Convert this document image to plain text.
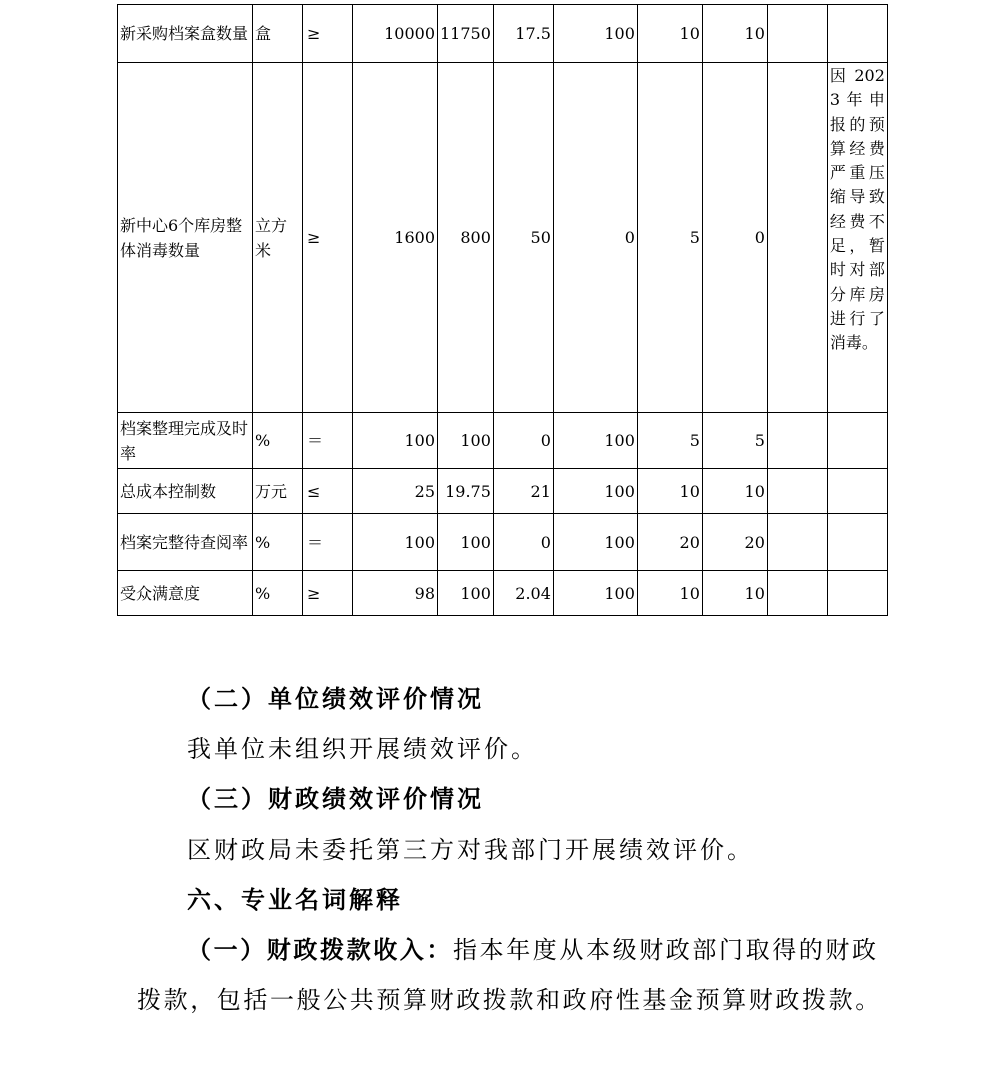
新采购档案盒数量	盒	≥	10000	11750	17.5	100	10	10		
新中心6个库房整体消毒数量	立方米	≥	1600	800	50	0	5	0		因2023年申报的预算经费严重压缩导致经费不足，暂时对部分库房进行了消毒。
档案整理完成及时率	%	＝	100	100	0	100	5	5		
总成本控制数	万元	≤	25	19.75	21	100	10	10		
档案完整待查阅率	%	＝	100	100	0	100	20	20		
受众满意度	%	≥	98	100	2.04	100	10	10		
（二）单位绩效评价情况
我单位未组织开展绩效评价。
（三）财政绩效评价情况
区财政局未委托第三方对我部门开展绩效评价。
六、专业名词解释
（一）财政拨款收入：指本年度从本级财政部门取得的财政拨款，包括一般公共预算财政拨款和政府性基金预算财政拨款。
